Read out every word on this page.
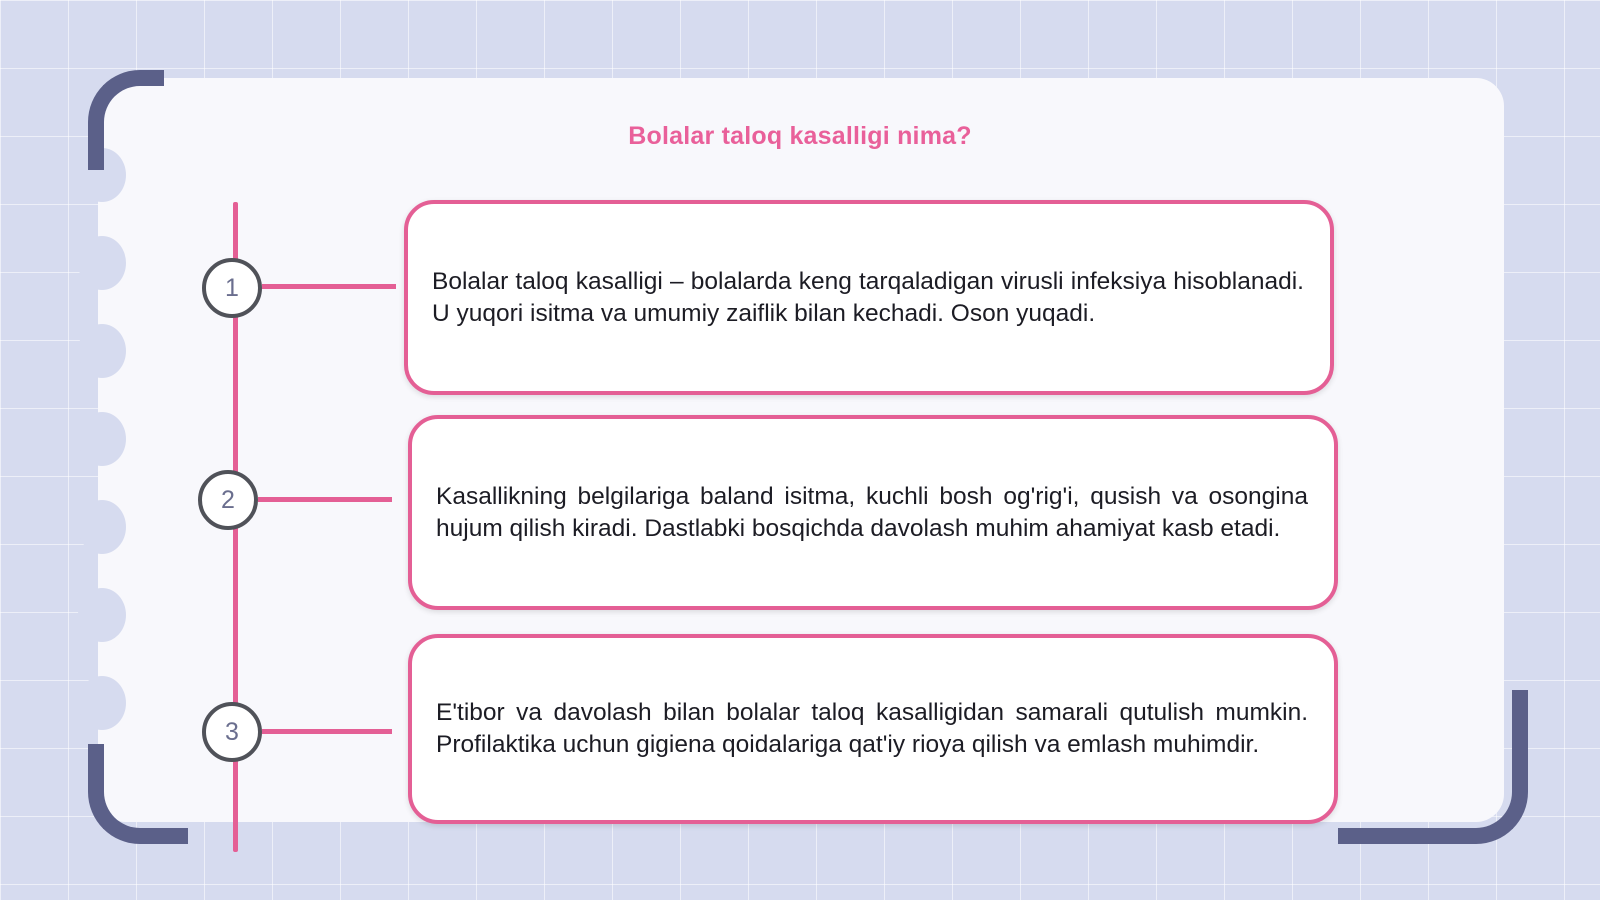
Bolalar taloq kasalligi nima?
1
2
3
Bolalar taloq kasalligi – bolalarda keng tarqaladigan virusli infeksiya hisoblanadi. U yuqori isitma va umumiy zaiflik bilan kechadi. Oson yuqadi.
Kasallikning belgilariga baland isitma, kuchli bosh og'rig'i, qusish va osongina hujum qilish kiradi. Dastlabki bosqichda davolash muhim ahamiyat kasb etadi.
E'tibor va davolash bilan bolalar taloq kasalligidan samarali qutulish mumkin. Profilaktika uchun gigiena qoidalariga qat'iy rioya qilish va emlash muhimdir.
